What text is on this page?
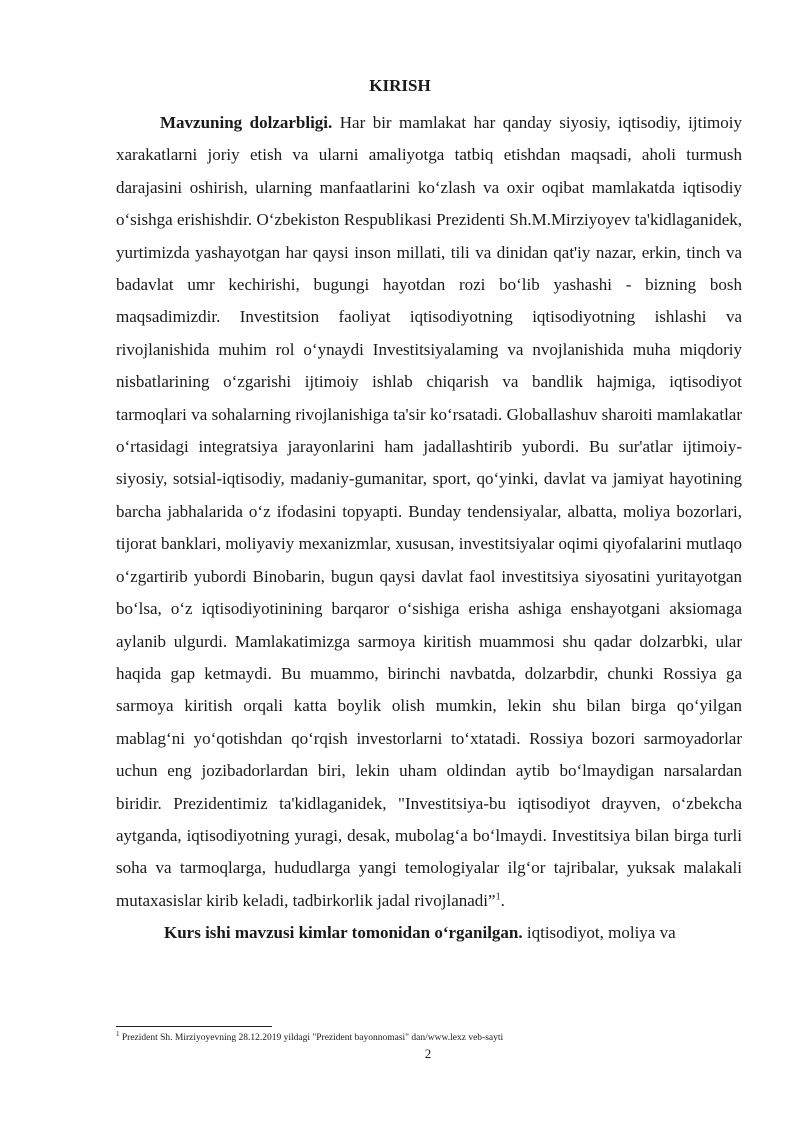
KIRISH

Mavzuning dolzarbligi. Har bir mamlakat har qanday siyosiy, iqtisodiy, ijtimoiy xarakatlarni joriy etish va ularni amaliyotga tatbiq etishdan maqsadi, aholi turmush darajasini oshirish, ularning manfaatlarini ko‘zlash va oxir oqibat mamlakatda iqtisodiy o‘sishga erishishdir. O‘zbekiston Respublikasi Prezidenti Sh.M.Mirziyoyev ta'kidlaganidek, yurtimizda yashayotgan har qaysi inson millati, tili va dinidan qat'iy nazar, erkin, tinch va badavlat umr kechirishi, bugungi hayotdan rozi bo‘lib yashashi - bizning bosh maqsadimizdir. Investitsion faoliyat iqtisodiyotning iqtisodiyotning ishlashi va rivojlanishida muhim rol o‘ynaydi Investitsiyalaming va nvojlanishida muha miqdoriy nisbatlarining o‘zgarishi ijtimoiy ishlab chiqarish va bandlik hajmiga, iqtisodiyot tarmoqlari va sohalarning rivojlanishiga ta'sir ko‘rsatadi. Globallashuv sharoiti mamlakatlar o‘rtasidagi integratsiya jarayonlarini ham jadallashtirib yubordi. Bu sur'atlar ijtimoiy-siyosiy, sotsial-iqtisodiy, madaniy-gumanitar, sport, qo‘yinki, davlat va jamiyat hayotining barcha jabhalarida o‘z ifodasini topyapti. Bunday tendensiyalar, albatta, moliya bozorlari, tijorat banklari, moliyaviy mexanizmlar, xususan, investitsiyalar oqimi qiyofalarini mutlaqo o‘zgartirib yubordi Binobarin, bugun qaysi davlat faol investitsiya siyosatini yuritayotgan bo‘lsa, o‘z iqtisodiyotinining barqaror o‘sishiga erisha ashiga enshayotgani aksiomaga aylanib ulgurdi. Mamlakatimizga sarmoya kiritish muammosi shu qadar dolzarbki, ular haqida gap ketmaydi. Bu muammo, birinchi navbatda, dolzarbdir, chunki Rossiya ga sarmoya kiritish orqali katta boylik olish mumkin, lekin shu bilan birga qo‘yilgan mablag‘ni yo‘qotishdan qo‘rqish investorlarni to‘xtatadi. Rossiya bozori sarmoyadorlar uchun eng jozibadorlardan biri, lekin uham oldindan aytib bo‘lmaydigan narsalardan biridir. Prezidentimiz ta'kidlaganidek, "Investitsiya-bu iqtisodiyot drayven, o‘zbekcha aytganda, iqtisodiyotning yuragi, desak, mubolag‘a bo‘lmaydi. Investitsiya bilan birga turli soha va tarmoqlarga, hududlarga yangi temologiyalar ilg‘or tajribalar, yuksak malakali mutaxasislar kirib keladi, tadbirkorlik jadal rivojlanadi”$^1$.

Kurs ishi mavzusi kimlar tomonidan o‘rganilgan. iqtisodiyot, moliya va

$^1$ Prezident Sh. Mirziyoyevning 28.12.2019 yildagi "Prezident bayonnomasi" dan/www.lexz veb-sayti
2
